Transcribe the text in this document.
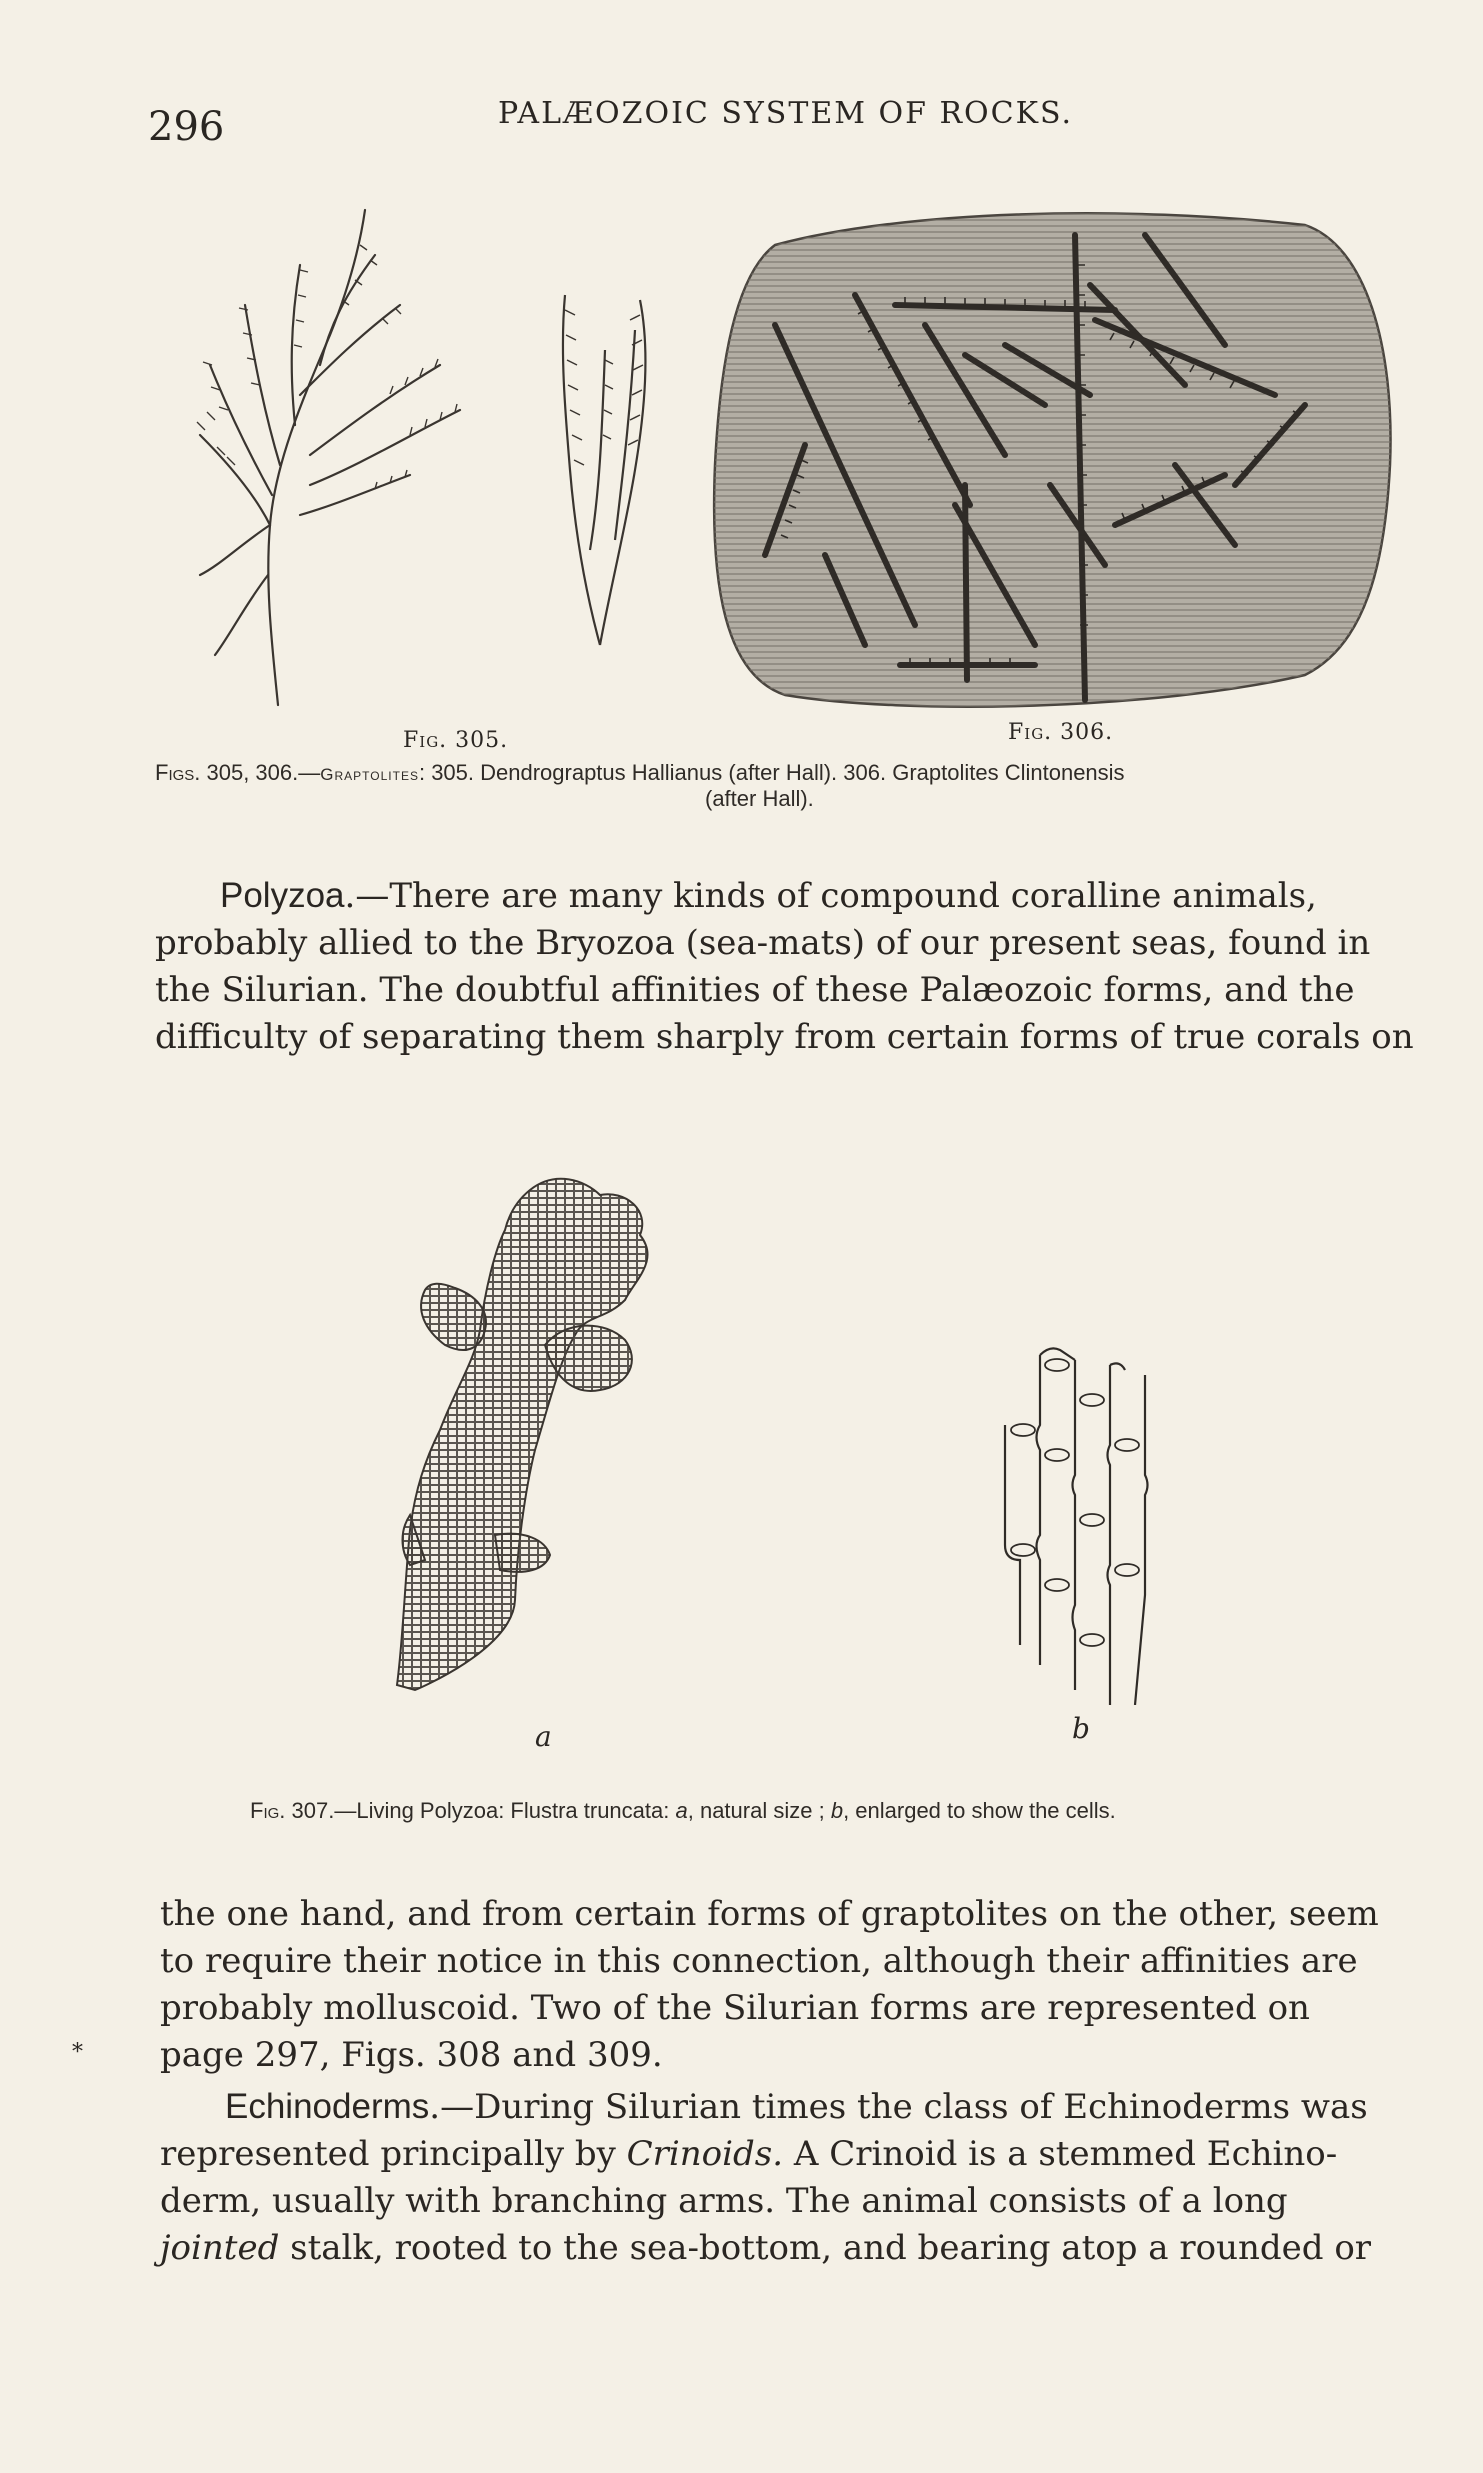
296	PALÆOZOIC SYSTEM OF ROCKS.
Fig. 305.	Fig. 306.
Figs. 305, 306.—Graptolites: 305. Dendrograptus Hallianus (after Hall). 306. Graptolites Clintonensis
(after Hall).
Polyzoa.—There are many kinds of compound coralline animals,
probably allied to the Bryozoa (sea-mats) of our present seas, found in
the Silurian. The doubtful affinities of these Palæozoic forms, and the
difficulty of separating them sharply from certain forms of true corals on
a	b
Fig. 307.—Living Polyzoa: Flustra truncata: a, natural size ; b, enlarged to show the cells.
*
the one hand, and from certain forms of graptolites on the other, seem
to require their notice in this connection, although their affinities are
probably molluscoid. Two of the Silurian forms are represented on
page 297, Figs. 308 and 309.
Echinoderms.—During Silurian times the class of Echinoderms was
represented principally by Crinoids. A Crinoid is a stemmed Echino-
derm, usually with branching arms. The animal consists of a long
jointed stalk, rooted to the sea-bottom, and bearing atop a rounded or
